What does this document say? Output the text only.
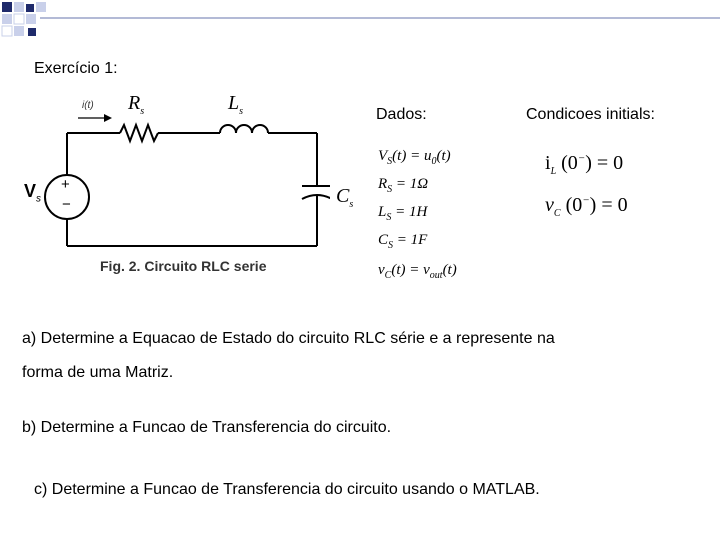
Exercício 1:
i(t) $R_s$	$L_s$
$V_s$
+
−
Fig. 2. Circuito RLC serie
$C_s$
Dados:
$V_S(t) = u_0(t)$
$R_S = 1\Omega$
$L_S = 1H$
$C_S = 1F$
$v_C(t) = v_{out}(t)$
Condicoes initials:
$i_L$ (0−) = 0
$v_C$ (0−) = 0
a) Determine a Equacao de Estado do circuito RLC série e a represente na
forma de uma Matriz.
b) Determine a Funcao de Transferencia do circuito.
c) Determine a Funcao de Transferencia do circuito usando o MATLAB.
